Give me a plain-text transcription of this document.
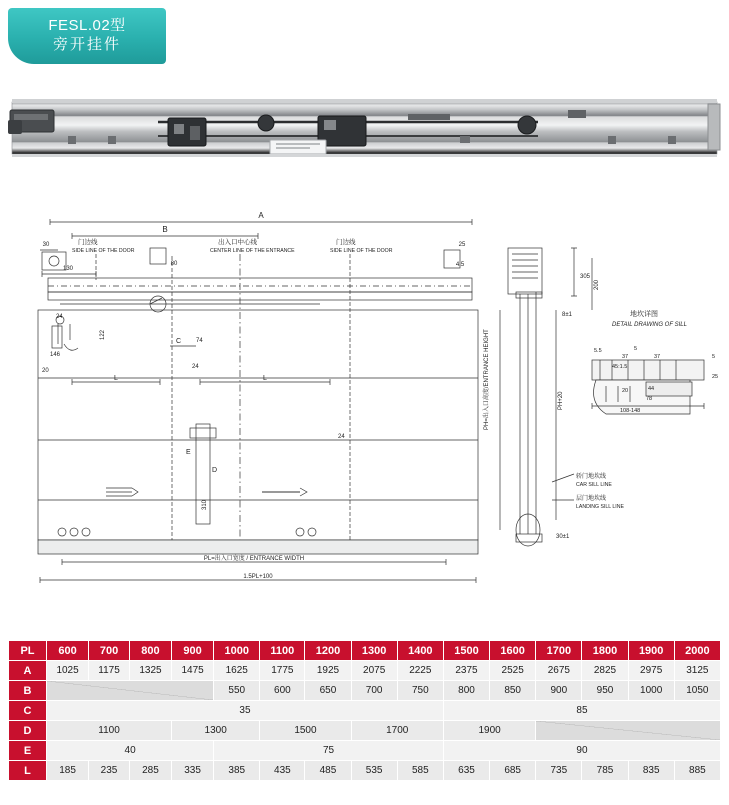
FESL.02型
旁开挂件
A
B
30
130
80
25
4.5
门边线
SIDE LINE OF THE DOOR
出入口中心线
CENTER LINE OF THE ENTRANCE
门边线
SIDE LINE OF THE DOOR
24
146
20
122
L	L
C 74
24
24
E
D
310
PL=出入口宽度 / ENTRANCE WIDTH
1.5PL+100
305
200
8±1
30±1
PH=出入口高度/ENTRANCE HEIGHT	PH+20
轿门地坎线
CAR SILL LINE
层门地坎线
LANDING SILL LINE
地坎详图
DETAIL DRAWING OF SILL
5.5	5
37	37
45:1.5
5
25
20	44
78
108-148
PL	600	700	800	900	1000	1100	1200	1300	1400	1500	1600	1700	1800	1900	2000
A	1025	1175	1325	1475	1625	1775	1925	2075	2225	2375	2525	2675	2825	2975	3125
B					550	600	650	700	750	800	850	900	950	1000	1050
C	35									85					
D	1100			1300		1500		1700		1900					
E	40				75					90					
L	185	235	285	335	385	435	485	535	585	635	685	735	785	835	885
